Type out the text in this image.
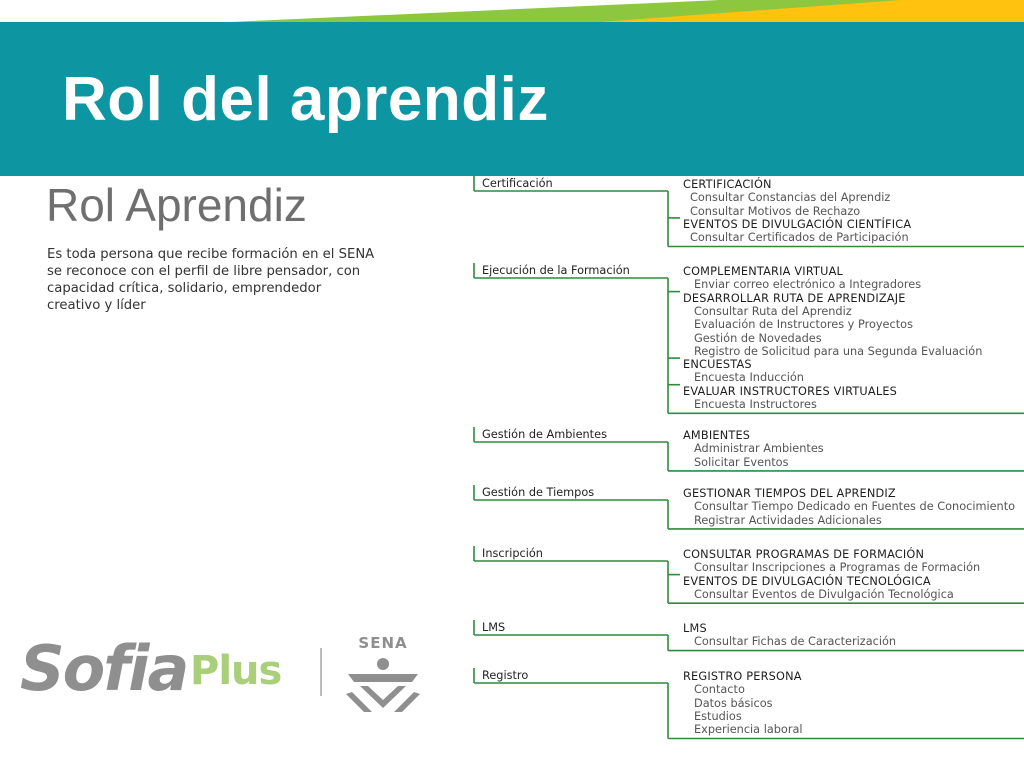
Rol del aprendiz
Rol Aprendiz
Es toda persona que recibe formación en el SENA
se reconoce con el perfil de libre pensador, con
capacidad crítica, solidario, emprendedor
creativo y líder
Sofia Plus
SENA
Certificación	CERTIFICACIÓN
Consultar Constancias del Aprendiz
Consultar Motivos de Rechazo
EVENTOS DE DIVULGACIÓN CIENTÍFICA
Consultar Certificados de Participación
Ejecución de la Formación	COMPLEMENTARIA VIRTUAL
Enviar correo electrónico a Integradores
DESARROLLAR RUTA DE APRENDIZAJE
Consultar Ruta del Aprendiz
Evaluación de Instructores y Proyectos
Gestión de Novedades
Registro de Solicitud para una Segunda Evaluación
ENCUESTAS
Encuesta Inducción
EVALUAR INSTRUCTORES VIRTUALES
Encuesta Instructores
Gestión de Ambientes	AMBIENTES
Administrar Ambientes
Solicitar Eventos
Gestión de Tiempos	GESTIONAR TIEMPOS DEL APRENDIZ
Consultar Tiempo Dedicado en Fuentes de Conocimiento
Registrar Actividades Adicionales
Inscripción	CONSULTAR PROGRAMAS DE FORMACIÓN
Consultar Inscripciones a Programas de Formación
EVENTOS DE DIVULGACIÓN TECNOLÓGICA
Consultar Eventos de Divulgación Tecnológica
LMS	LMS
Consultar Fichas de Caracterización
Registro	REGISTRO PERSONA
Contacto
Datos básicos
Estudios
Experiencia laboral
